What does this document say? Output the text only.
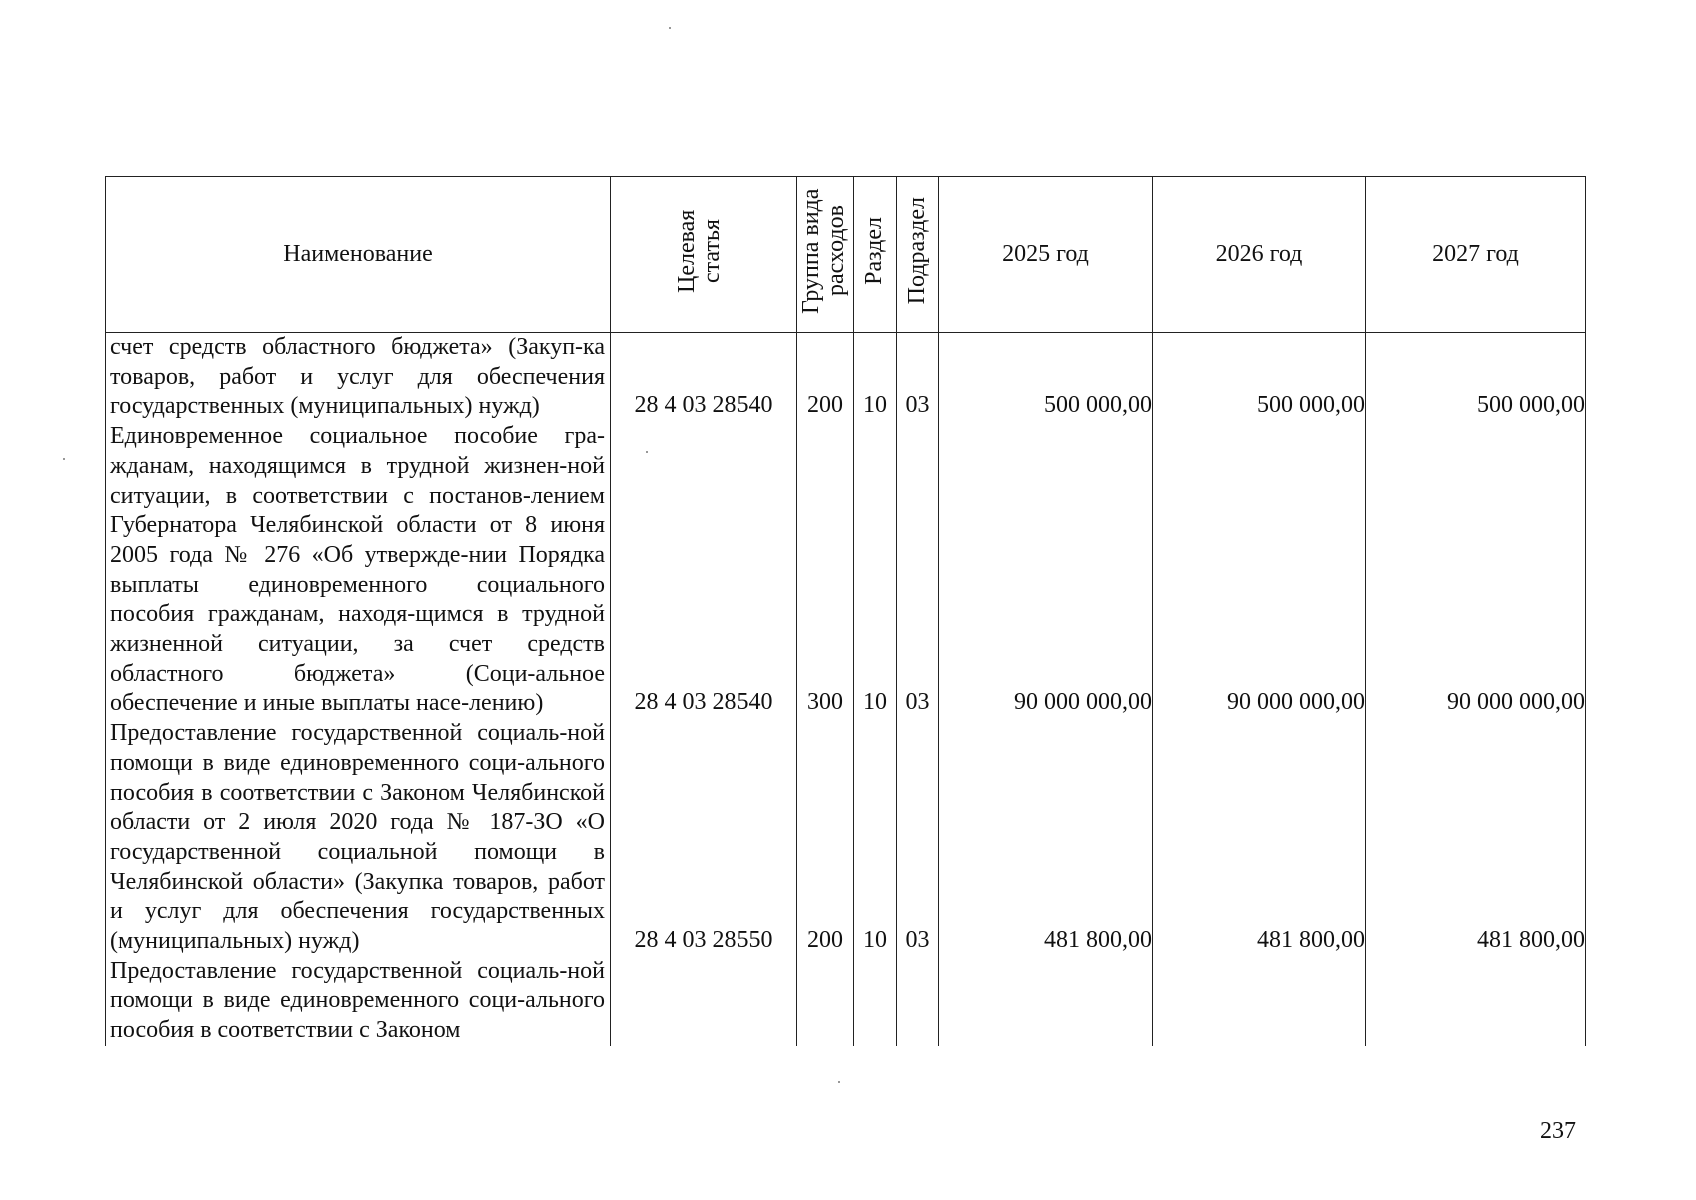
Наименование	Целевая статья	Группа вида расходов	Раздел	Подраздел	2025 год	2026 год	2027 год
счет средств областного бюджета» (Закуп-ка товаров, работ и услуг для обеспечения государственных (муниципальных) нужд)	28 4 03 28540	200	10	03	500 000,00	500 000,00	500 000,00
Единовременное социальное пособие гра-жданам, находящимся в трудной жизнен-ной ситуации, в соответствии с постанов-лением Губернатора Челябинской области от 8 июня 2005 года № 276 «Об утвержде-нии Порядка выплаты единовременного социального пособия гражданам, находя-щимся в трудной жизненной ситуации, за счет средств областного бюджета» (Соци-альное обеспечение и иные выплаты насе-лению)	28 4 03 28540	300	10	03	90 000 000,00	90 000 000,00	90 000 000,00
Предоставление государственной социаль-ной помощи в виде единовременного соци-ального пособия в соответствии с Законом Челябинской области от 2 июля 2020 года № 187-ЗО «О государственной социальной помощи в Челябинской области» (Закупка товаров, работ и услуг для обеспечения государственных (муниципальных) нужд)	28 4 03 28550	200	10	03	481 800,00	481 800,00	481 800,00
Предоставление государственной социаль-ной помощи в виде единовременного соци-ального пособия в соответствии с Законом							
237
